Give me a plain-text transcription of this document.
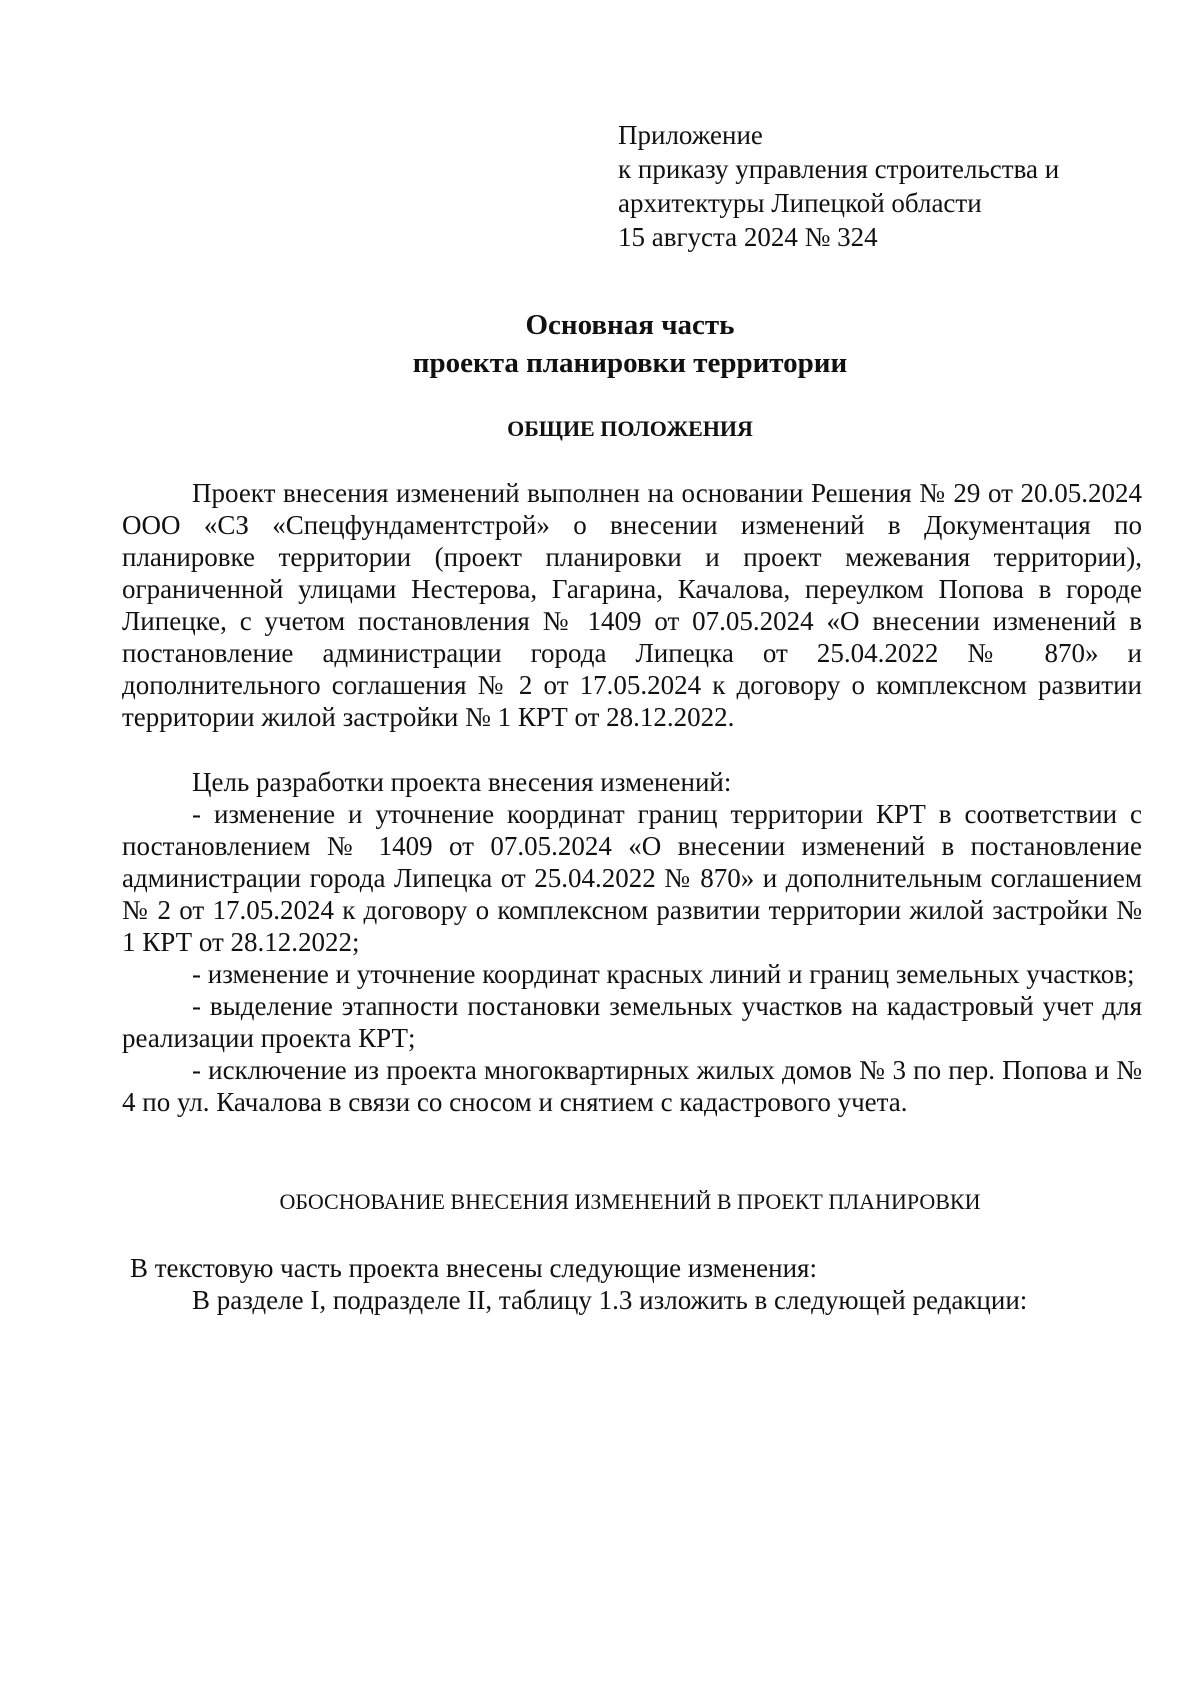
Приложение
к приказу управления строительства и
архитектуры Липецкой области
15 августа 2024 № 324
Основная часть
проекта планировки территории
ОБЩИЕ ПОЛОЖЕНИЯ

Проект внесения изменений выполнен на основании Решения № 29 от 20.05.2024 ООО «СЗ «Спецфундаментстрой» о внесении изменений в Документация по планировке территории (проект планировки и проект межевания территории), ограниченной улицами Нестерова, Гагарина, Качалова, переулком Попова в городе Липецке, с учетом постановления № 1409 от 07.05.2024 «О внесении изменений в постановление администрации города Липецка от 25.04.2022 № 870» и дополнительного соглашения № 2 от 17.05.2024 к договору о комплексном развитии территории жилой застройки № 1 КРТ от 28.12.2022.

Цель разработки проекта внесения изменений:

- изменение и уточнение координат границ территории КРТ в соответствии с постановлением № 1409 от 07.05.2024 «О внесении изменений в постановление администрации города Липецка от 25.04.2022 № 870» и дополнительным соглашением № 2 от 17.05.2024 к договору о комплексном развитии территории жилой застройки № 1 КРТ от 28.12.2022;

- изменение и уточнение координат красных линий и границ земельных участков;

- выделение этапности постановки земельных участков на кадастровый учет для реализации проекта КРТ;

- исключение из проекта многоквартирных жилых домов № 3 по пер. Попова и № 4 по ул. Качалова в связи со сносом и снятием с кадастрового учета.

ОБОСНОВАНИЕ ВНЕСЕНИЯ ИЗМЕНЕНИЙ В ПРОЕКТ ПЛАНИРОВКИ

В текстовую часть проекта внесены следующие изменения:

В разделе I, подразделе II, таблицу 1.3 изложить в следующей редакции:
